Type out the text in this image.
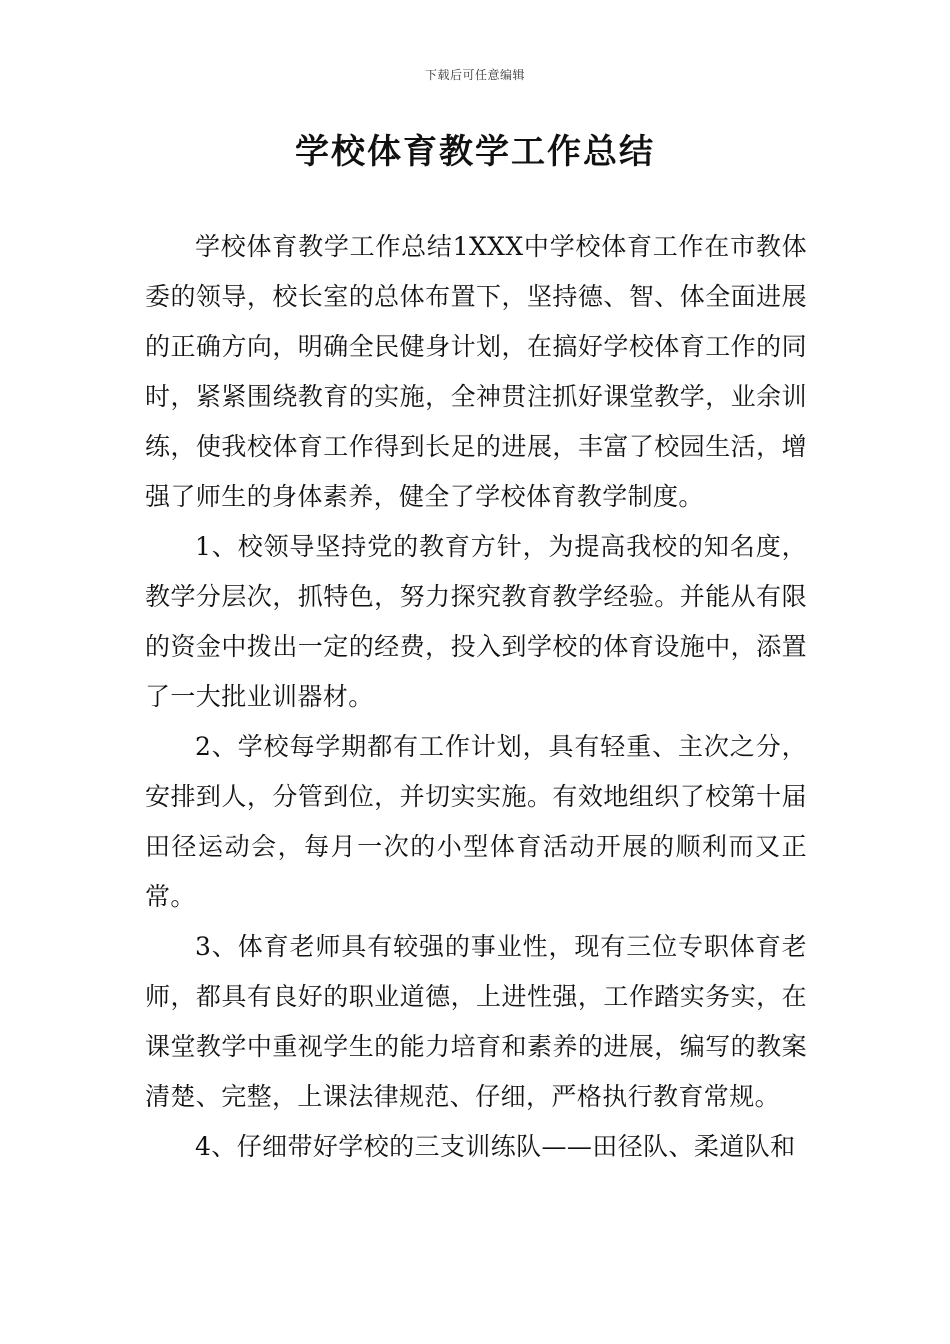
下载后可任意编辑
学校体育教学工作总结

学校体育教学工作总结1XXX中学校体育工作在市教体委的领导，校长室的总体布置下，坚持德、智、体全面进展的正确方向，明确全民健身计划，在搞好学校体育工作的同时，紧紧围绕教育的实施，全神贯注抓好课堂教学，业余训练，使我校体育工作得到长足的进展，丰富了校园生活，增强了师生的身体素养，健全了学校体育教学制度。

1、校领导坚持党的教育方针，为提高我校的知名度，教学分层次，抓特色，努力探究教育教学经验。并能从有限的资金中拨出一定的经费，投入到学校的体育设施中，添置了一大批业训器材。

2、学校每学期都有工作计划，具有轻重、主次之分，安排到人，分管到位，并切实实施。有效地组织了校第十届田径运动会，每月一次的小型体育活动开展的顺利而又正常。

3、体育老师具有较强的事业性，现有三位专职体育老师，都具有良好的职业道德，上进性强，工作踏实务实，在课堂教学中重视学生的能力培育和素养的进展，编写的教案清楚、完整，上课法律规范、仔细，严格执行教育常规。

4、仔细带好学校的三支训练队——田径队、柔道队和
